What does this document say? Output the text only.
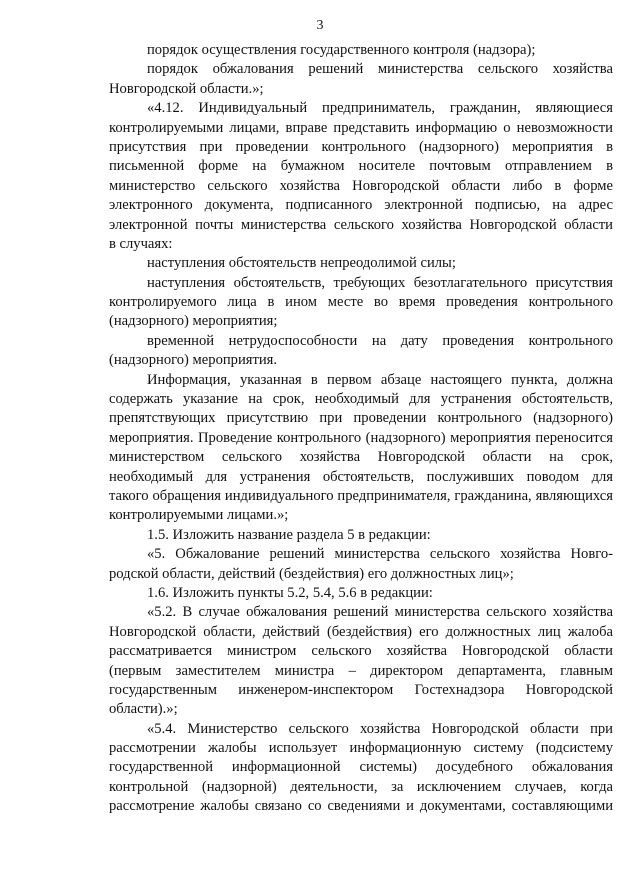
3
порядок осуществления государственного контроля (надзора);
порядок обжалования решений министерства сельского хозяйства
Новгородской области.»;
«4.12. Индивидуальный предприниматель, гражданин, являющиеся
контролируемыми лицами, вправе представить информацию о невозможности
присутствия при проведении контрольного (надзорного) мероприятия в
письменной форме на бумажном носителе почтовым отправлением в
министерство сельского хозяйства Новгородской области либо в форме
электронного документа, подписанного электронной подписью, на адрес
электронной почты министерства сельского хозяйства Новгородской области
в случаях:
наступления обстоятельств непреодолимой силы;
наступления обстоятельств, требующих безотлагательного присутствия
контролируемого лица в ином месте во время проведения контрольного
(надзорного) мероприятия;
временной нетрудоспособности на дату проведения контрольного
(надзорного) мероприятия.
Информация, указанная в первом абзаце настоящего пункта, должна
содержать указание на срок, необходимый для устранения обстоятельств,
препятствующих присутствию при проведении контрольного (надзорного)
мероприятия. Проведение контрольного (надзорного) мероприятия переносится
министерством сельского хозяйства Новгородской области на срок,
необходимый для устранения обстоятельств, послуживших поводом для
такого обращения индивидуального предпринимателя, гражданина, являющихся
контролируемыми лицами.»;
1.5. Изложить название раздела 5 в редакции:
«5. Обжалование решений министерства сельского хозяйства Новго-
родской области, действий (бездействия) его должностных лиц»;
1.6. Изложить пункты 5.2, 5.4, 5.6 в редакции:
«5.2. В случае обжалования решений министерства сельского хозяйства
Новгородской области, действий (бездействия) его должностных лиц жалоба
рассматривается министром сельского хозяйства Новгородской области
(первым заместителем министра – директором департамента, главным
государственным инженером-инспектором Гостехнадзора Новгородской
области).»;
«5.4. Министерство сельского хозяйства Новгородской области при
рассмотрении жалобы использует информационную систему (подсистему
государственной информационной системы) досудебного обжалования
контрольной (надзорной) деятельности, за исключением случаев, когда
рассмотрение жалобы связано со сведениями и документами, составляющими
